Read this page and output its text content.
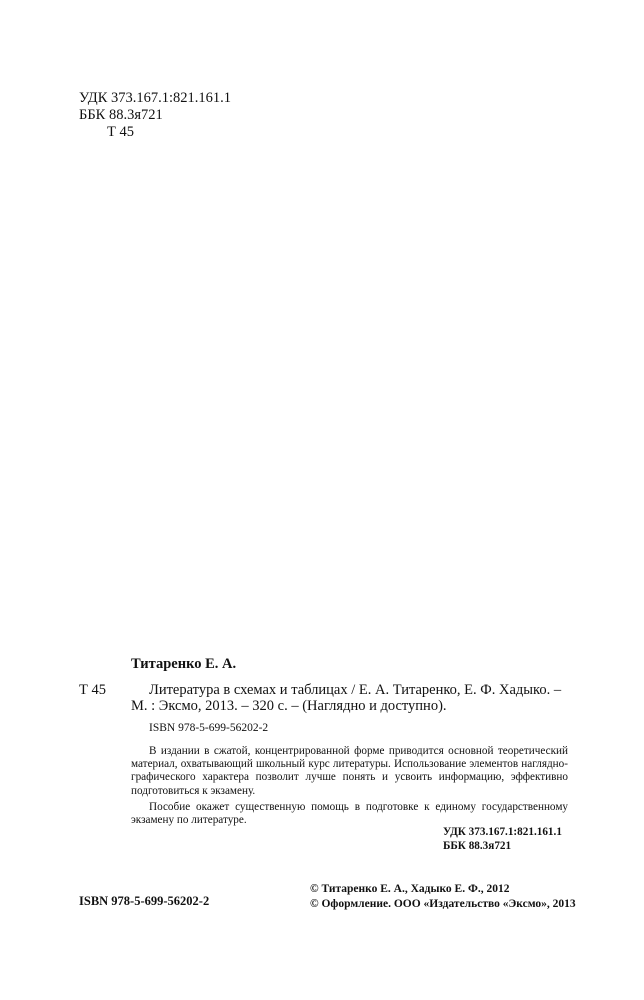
УДК 373.167.1:821.161.1
ББК 88.3я721
Т 45
Титаренко Е. А.
Т 45	Литература в схемах и таблицах / Е. А. Титаренко, Е. Ф. Хадыко. –
М. : Эксмо, 2013. – 320 с. – (Наглядно и доступно).
ISBN 978-5-699-56202-2

В издании в сжатой, концентрированной форме приводится основной теоретический материал, охватывающий школьный курс литературы. Использование элементов наглядно-графического характера позволит лучше понять и усвоить информацию, эффективно подготовиться к экзамену.

Пособие окажет существенную помощь в подготовке к единому государственному экзамену по литературе.

УДК 373.167.1:821.161.1
ББК 88.3я721
ISBN 978-5-699-56202-2
© Титаренко Е. А., Хадыко Е. Ф., 2012
© Оформление. ООО «Издательство «Эксмо», 2013
